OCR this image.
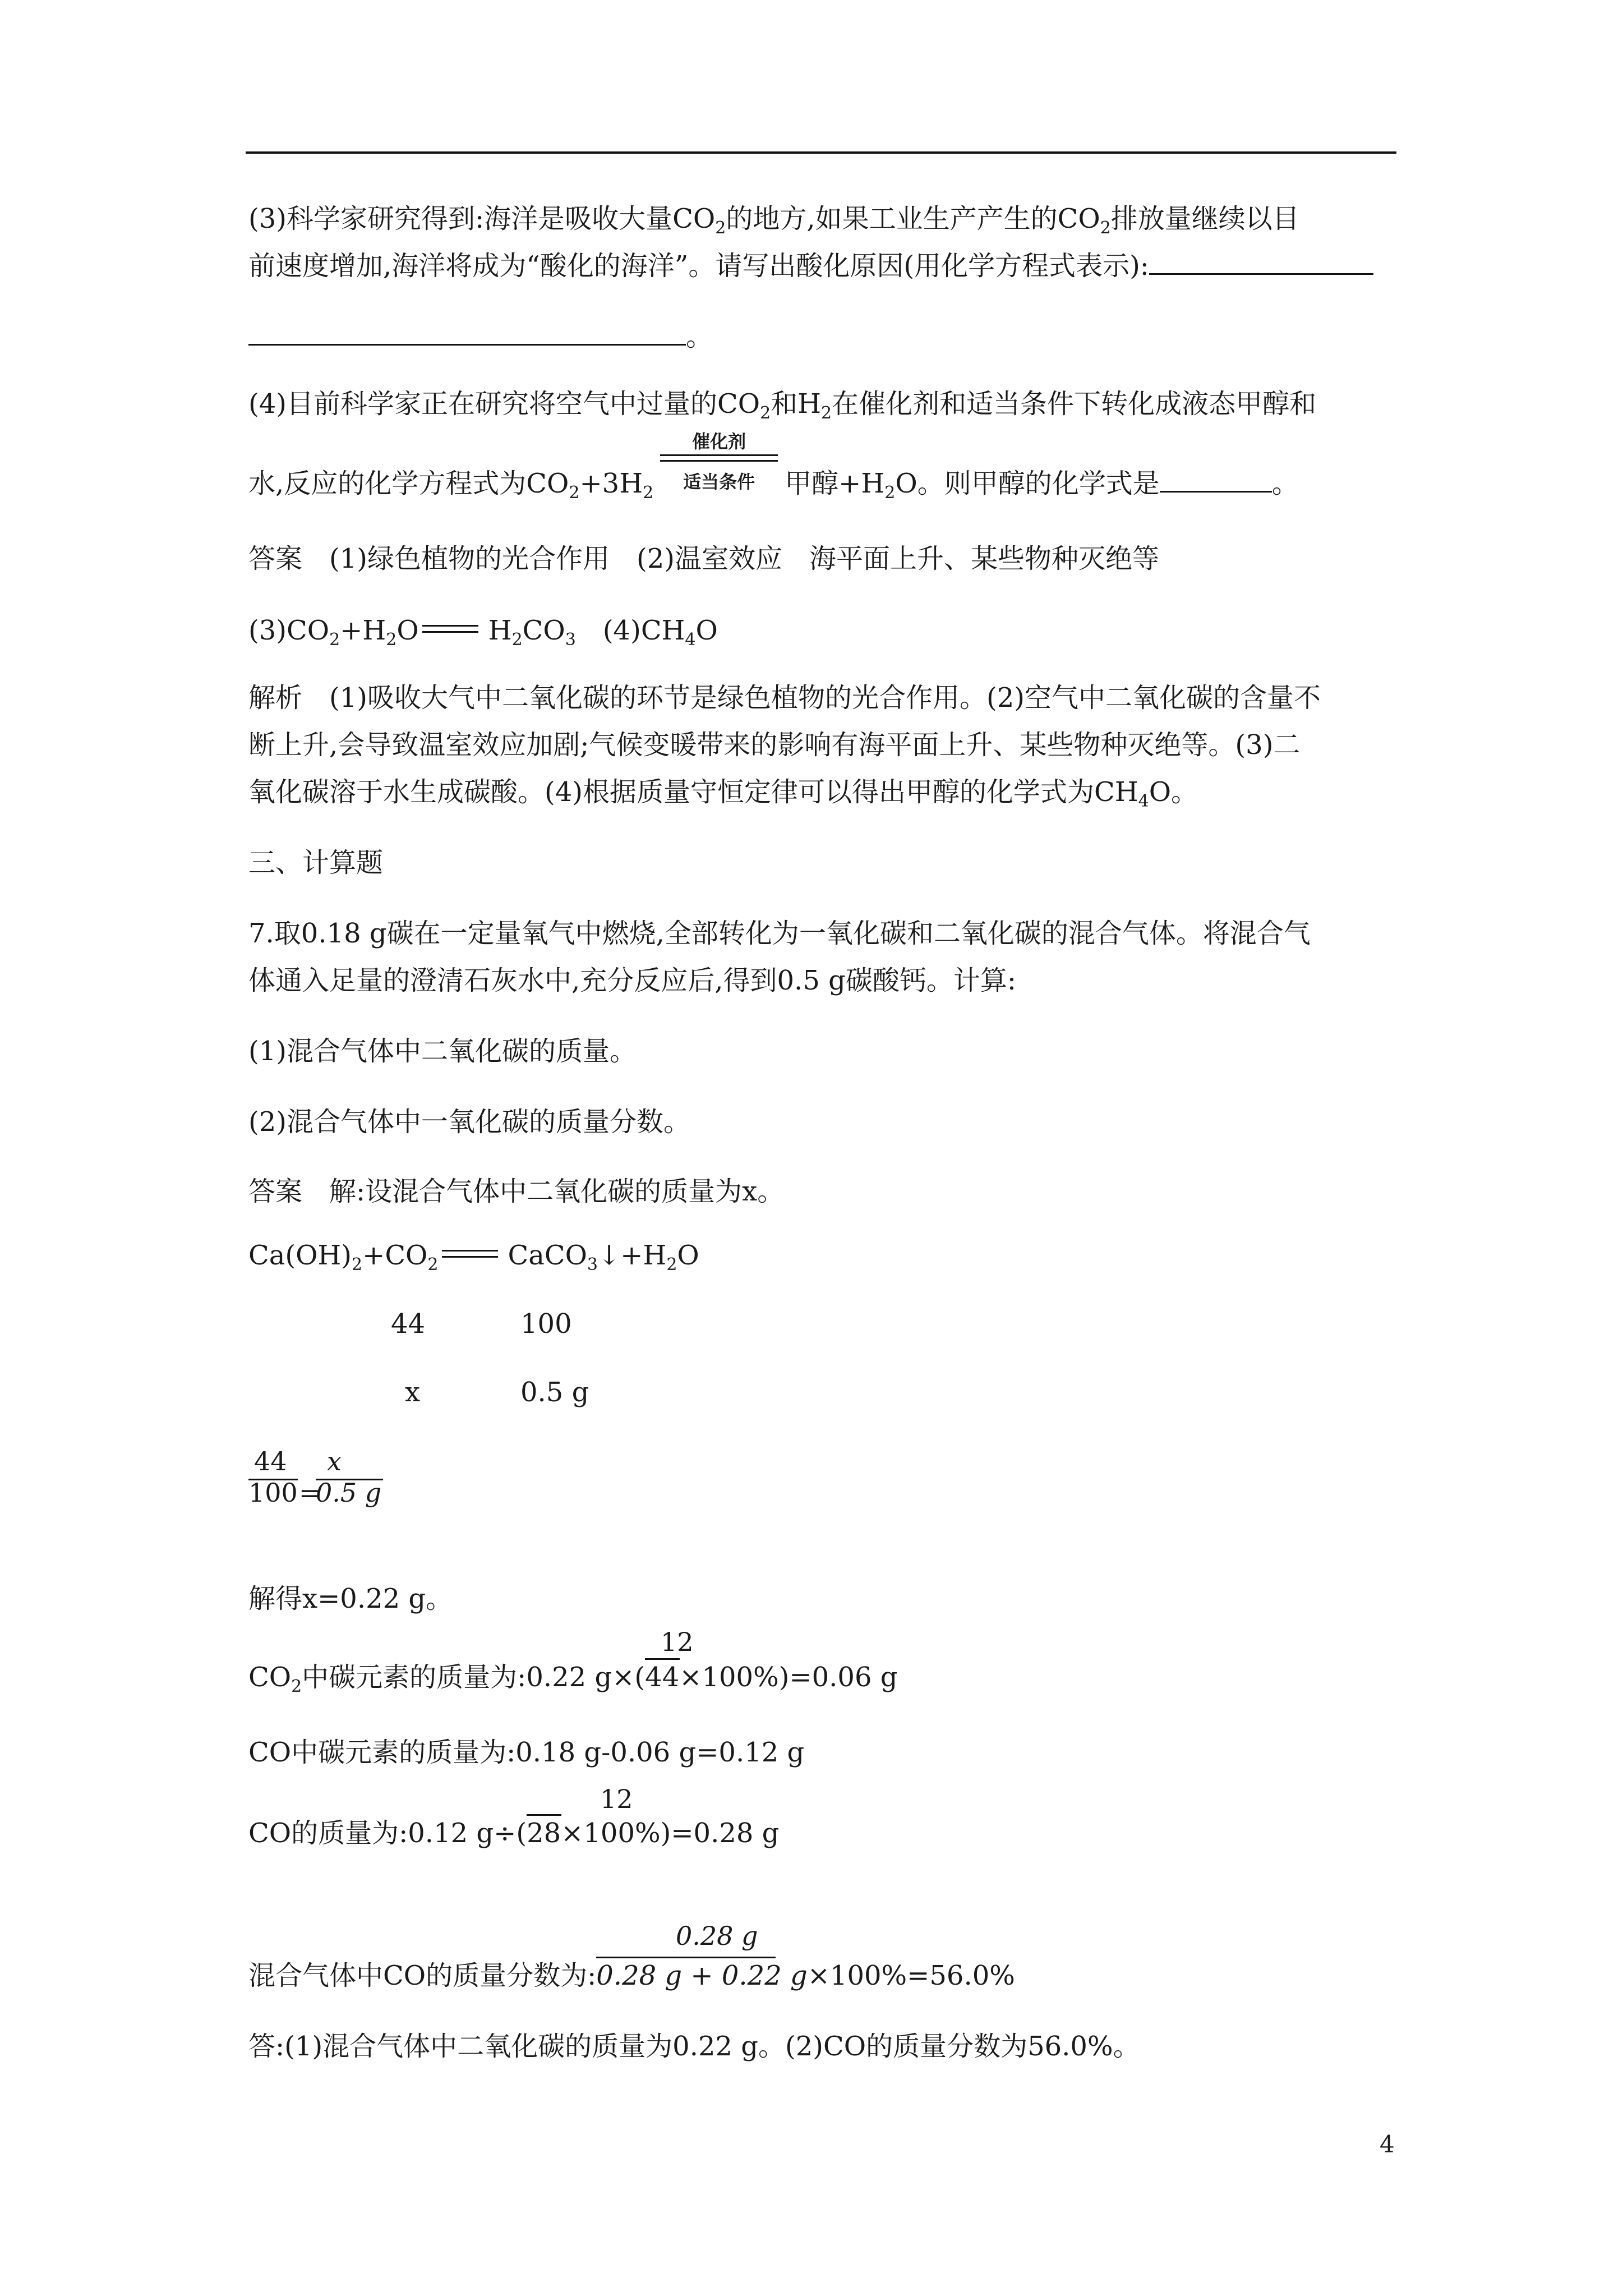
(3)科学家研究得到:海洋是吸收大量$CO_2$的地方,如果工业生产产生的$CO_2$排放量继续以目
前速度增加,海洋将成为“酸化的海洋”。请写出酸化原因(用化学方程式表示):
。
(4)目前科学家正在研究将空气中过量的$CO_2$和$H_2$在催化剂和适当条件下转化成液态甲醇和
水,反应的化学方程式为$CO_2+3H_2$
催化剂
适当条件	甲醇$+H_2O$。则甲醇的化学式是	。
答案　(1)绿色植物的光合作用　(2)温室效应　海平面上升、某些物种灭绝等
$(3)CO_2+H_2O$	$H_2CO_3$　$(4)CH_4O$
解析　(1)吸收大气中二氧化碳的环节是绿色植物的光合作用。(2)空气中二氧化碳的含量不
断上升,会导致温室效应加剧;气候变暖带来的影响有海平面上升、某些物种灭绝等。(3)二
氧化碳溶于水生成碳酸。(4)根据质量守恒定律可以得出甲醇的化学式为$CH_4O$。
三、计算题
7.取0.18 g碳在一定量氧气中燃烧,全部转化为一氧化碳和二氧化碳的混合气体。将混合气
体通入足量的澄清石灰水中,充分反应后,得到0.5 g碳酸钙。计算:
(1)混合气体中二氧化碳的质量。
(2)混合气体中一氧化碳的质量分数。
答案　解:设混合气体中二氧化碳的质量为x。
$Ca(OH)_2+CO_2$	$CaCO_3↓+H_2O$
44	100
x	0.5 g
44
100 =
x
0.5 g
解得x=0.22 g。
12
$CO_2$中碳元素的质量为:0.22 g×(
44×100%)=0.06 g
CO中碳元素的质量为:0.18 g-0.06 g=0.12 g
12
CO的质量为:0.12 g÷(
28×100%)=0.28 g
0.28 g
混合气体中CO的质量分数为:
0.28 g + 0.22 g×100%=56.0%
答:(1)混合气体中二氧化碳的质量为0.22 g。(2)CO的质量分数为56.0%。
4
